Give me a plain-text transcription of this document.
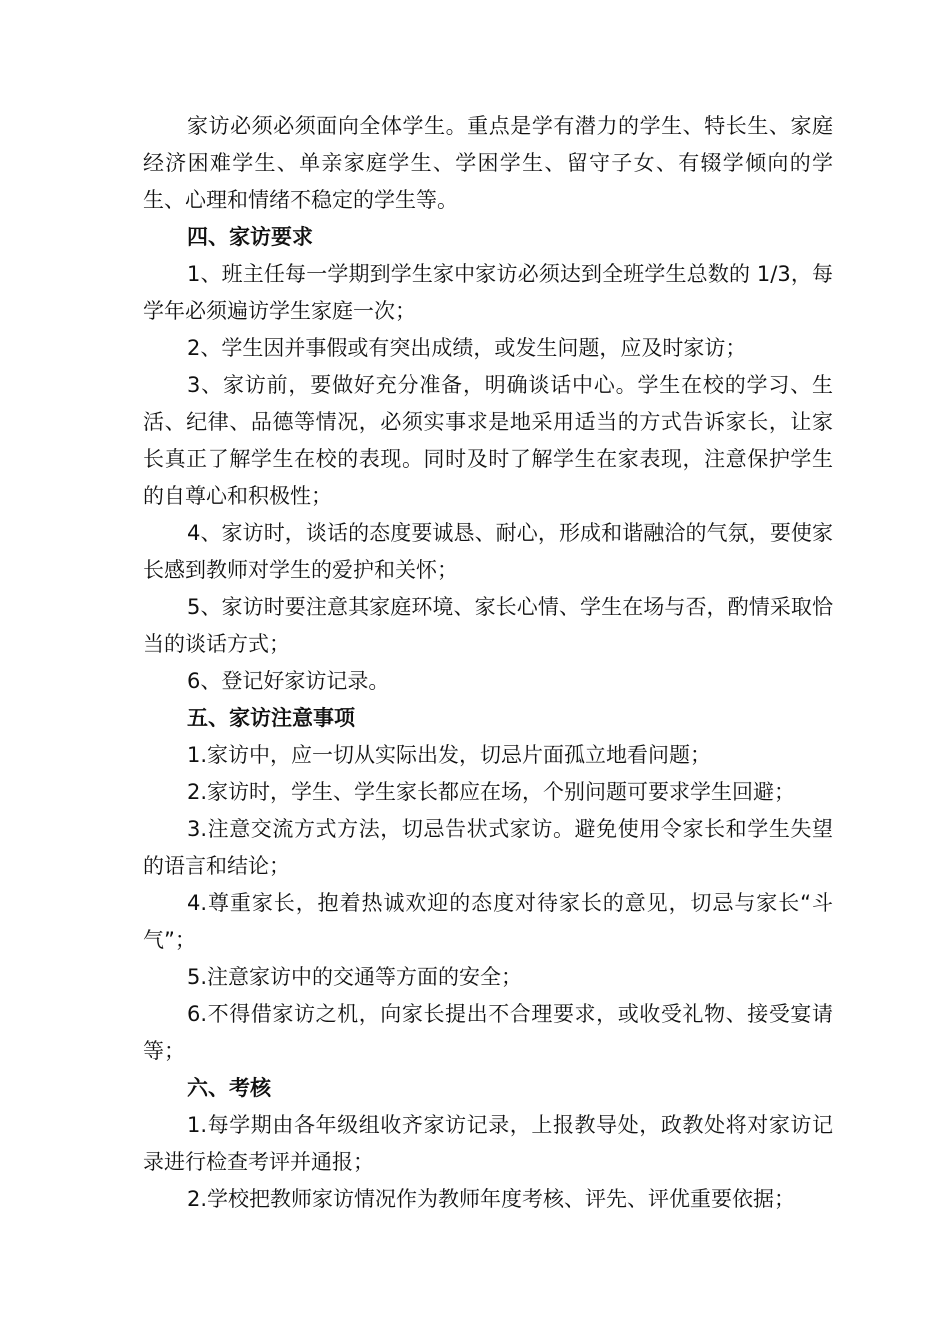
家访必须必须面向全体学生。重点是学有潜力的学生、特长生、家庭经济困难学生、单亲家庭学生、学困学生、留守子女、有辍学倾向的学生、心理和情绪不稳定的学生等。

四、家访要求

1、班主任每一学期到学生家中家访必须达到全班学生总数的 1/3，每学年必须遍访学生家庭一次；

2、学生因并事假或有突出成绩，或发生问题，应及时家访；

3、家访前，要做好充分准备，明确谈话中心。学生在校的学习、生活、纪律、品德等情况，必须实事求是地采用适当的方式告诉家长，让家长真正了解学生在校的表现。同时及时了解学生在家表现，注意保护学生的自尊心和积极性；

4、家访时，谈话的态度要诚恳、耐心，形成和谐融洽的气氛，要使家长感到教师对学生的爱护和关怀；

5、家访时要注意其家庭环境、家长心情、学生在场与否，酌情采取恰当的谈话方式；

6、登记好家访记录。

五、家访注意事项

1.家访中，应一切从实际出发，切忌片面孤立地看问题；

2.家访时，学生、学生家长都应在场，个别问题可要求学生回避；

3.注意交流方式方法，切忌告状式家访。避免使用令家长和学生失望的语言和结论；

4.尊重家长，抱着热诚欢迎的态度对待家长的意见，切忌与家长“斗气”；

5.注意家访中的交通等方面的安全；

6.不得借家访之机，向家长提出不合理要求，或收受礼物、接受宴请等；

六、考核

1.每学期由各年级组收齐家访记录，上报教导处，政教处将对家访记录进行检查考评并通报；

2.学校把教师家访情况作为教师年度考核、评先、评优重要依据；
